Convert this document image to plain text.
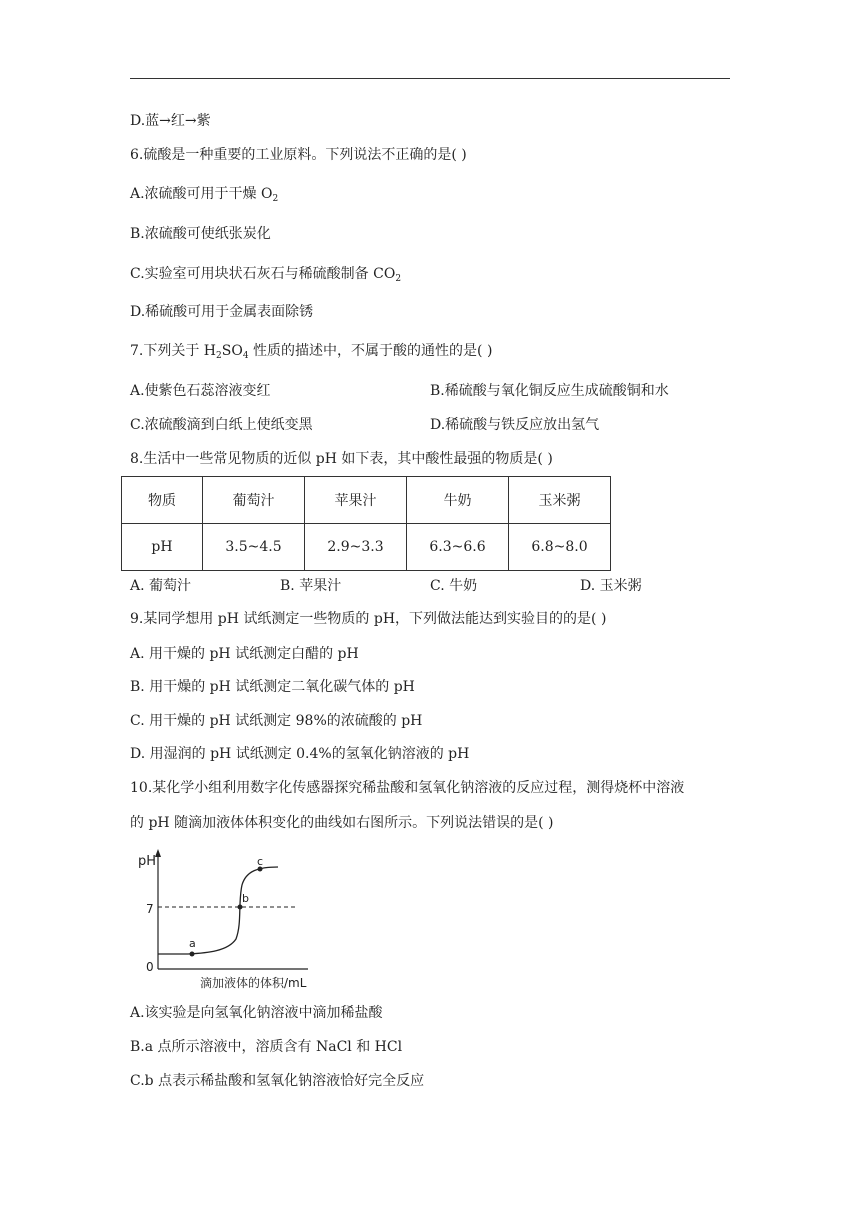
D.蓝→红→紫
6.硫酸是一种重要的工业原料。下列说法不正确的是( )
A.浓硫酸可用于干燥 $O_2$
B.浓硫酸可使纸张炭化
C.实验室可用块状石灰石与稀硫酸制备 $CO_2$
D.稀硫酸可用于金属表面除锈
7.下列关于 $H_2SO_4$ 性质的描述中，不属于酸的通性的是( )
A.使紫色石蕊溶液变红	B.稀硫酸与氧化铜反应生成硫酸铜和水
C.浓硫酸滴到白纸上使纸变黑	D.稀硫酸与铁反应放出氢气
8.生活中一些常见物质的近似 pH 如下表，其中酸性最强的物质是( )
物质	葡萄汁	苹果汁	牛奶	玉米粥
pH	3.5~4.5	2.9~3.3	6.3~6.6	6.8~8.0
A. 葡萄汁	B. 苹果汁	C. 牛奶	D. 玉米粥
9.某同学想用 pH 试纸测定一些物质的 pH，下列做法能达到实验目的的是( )
A. 用干燥的 pH 试纸测定白醋的 pH
B. 用干燥的 pH 试纸测定二氧化碳气体的 pH
C. 用干燥的 pH 试纸测定 98%的浓硫酸的 pH
D. 用湿润的 pH 试纸测定 0.4%的氢氧化钠溶液的 pH
10.某化学小组利用数字化传感器探究稀盐酸和氢氧化钠溶液的反应过程，测得烧杯中溶液
的 pH 随滴加液体体积变化的曲线如右图所示。下列说法错误的是( )
pH
7
0
a
b
c
滴加液体的体积/mL
A.该实验是向氢氧化钠溶液中滴加稀盐酸
B.a 点所示溶液中，溶质含有 NaCl 和 HCl
C.b 点表示稀盐酸和氢氧化钠溶液恰好完全反应
